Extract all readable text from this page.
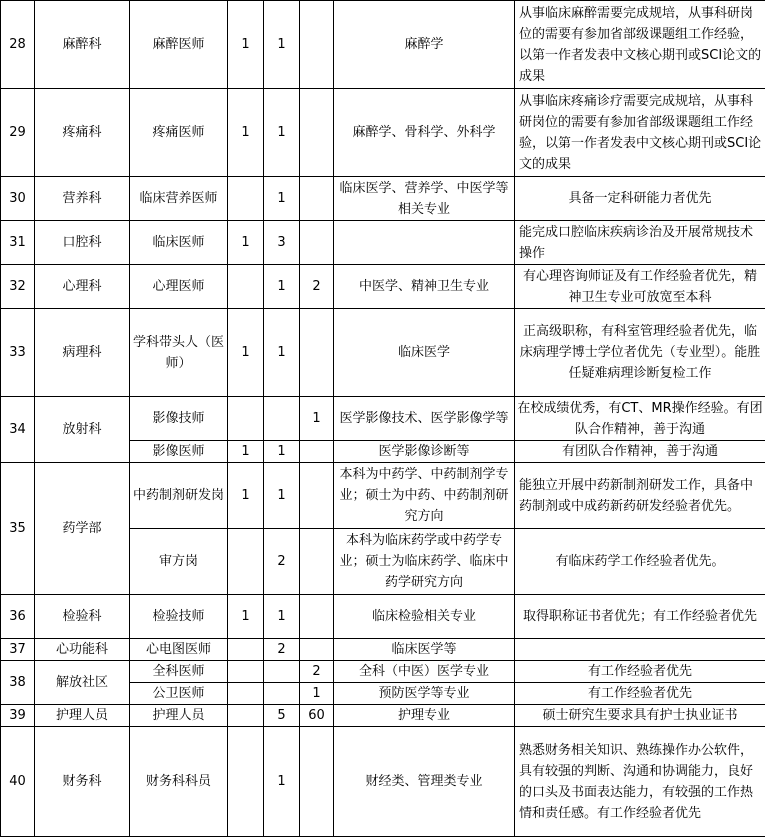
28	麻醉科	麻醉医师	1	1		麻醉学	从事临床麻醉需要完成规培，从事科研岗位的需要有参加省部级课题组工作经验，以第一作者发表中文核心期刊或SCI论文的成果
29	疼痛科	疼痛医师	1	1		麻醉学、骨科学、外科学	从事临床疼痛诊疗需要完成规培，从事科研岗位的需要有参加省部级课题组工作经验，以第一作者发表中文核心期刊或SCI论文的成果
30	营养科	临床营养医师		1		临床医学、营养学、中医学等相关专业	具备一定科研能力者优先
31	口腔科	临床医师	1	3			能完成口腔临床疾病诊治及开展常规技术操作
32	心理科	心理医师		1	2	中医学、精神卫生专业	有心理咨询师证及有工作经验者优先，精神卫生专业可放宽至本科
33	病理科	学科带头人（医师）	1	1		临床医学	正高级职称，有科室管理经验者优先，临床病理学博士学位者优先（专业型）。能胜任疑难病理诊断复检工作
34	放射科	影像技师			1	医学影像技术、医学影像学等	在校成绩优秀，有CT、MR操作经验。有团队合作精神，善于沟通
		影像医师	1	1		医学影像诊断等	有团队合作精神，善于沟通
35	药学部	中药制剂研发岗	1	1		本科为中药学、中药制剂学专业；硕士为中药、中药制剂研究方向	能独立开展中药新制剂研发工作，具备中药制剂或中成药新药研发经验者优先。
		审方岗		2		本科为临床药学或中药学专业；硕士为临床药学、临床中药学研究方向	有临床药学工作经验者优先。
36	检验科	检验技师	1	1		临床检验相关专业	取得职称证书者优先；有工作经验者优先
37	心功能科	心电图医师		2		临床医学等	
38	解放社区	全科医师			2	全科（中医）医学专业	有工作经验者优先
		公卫医师			1	预防医学等专业	有工作经验者优先
39	护理人员	护理人员		5	60	护理专业	硕士研究生要求具有护士执业证书
40	财务科	财务科科员		1		财经类、管理类专业	熟悉财务相关知识、熟练操作办公软件，具有较强的判断、沟通和协调能力，良好的口头及书面表达能力，有较强的工作热情和责任感。有工作经验者优先
